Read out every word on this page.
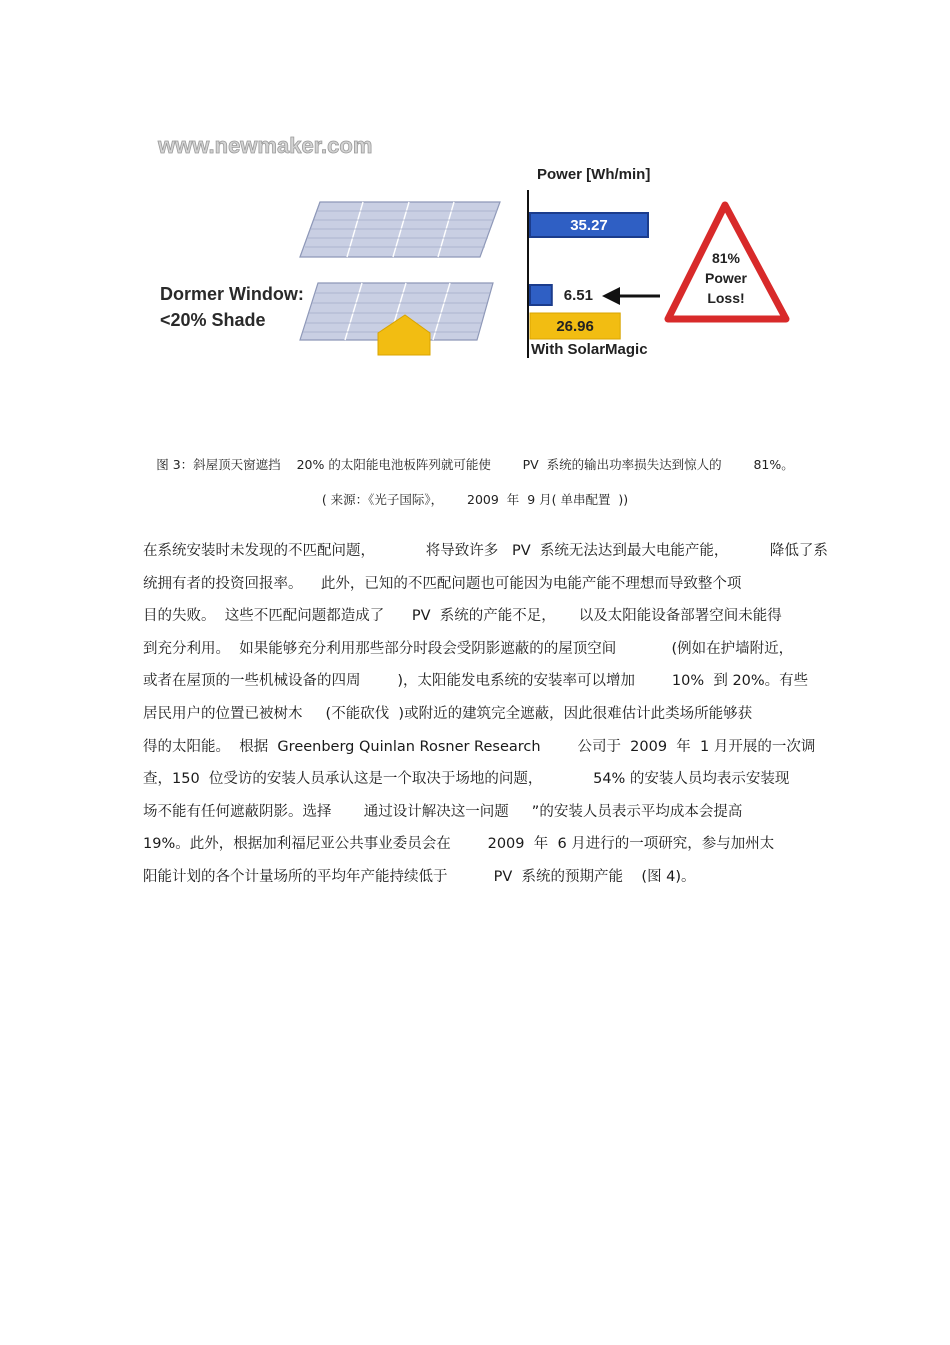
www.newmaker.com
Dormer Window:
<20% Shade
Power [Wh/min]
35.27
6.51
26.96
With SolarMagic
81%
Power
Loss!
图 3：斜屋顶天窗遮挡    20% 的太阳能电池板阵列就可能使        PV  系统的输出功率损失达到惊人的        81%。
( 来源：《光子国际》，      2009  年  9 月( 单串配置  ))
在系统安装时未发现的不匹配问题，           将导致许多   PV  系统无法达到最大电能产能，         降低了系
统拥有者的投资回报率。    此外，已知的不匹配问题也可能因为电能产能不理想而导致整个项
目的失败。  这些不匹配问题都造成了      PV  系统的产能不足，     以及太阳能设备部署空间未能得
到充分利用。  如果能够充分利用那些部分时段会受阴影遮蔽的的屋顶空间            (例如在护墙附近，
或者在屋顶的一些机械设备的四周        )，太阳能发电系统的安装率可以增加        10%  到 20%。有些
居民用户的位置已被树木     (不能砍伐  )或附近的建筑完全遮蔽，因此很难估计此类场所能够获
得的太阳能。  根据  Greenberg Quinlan Rosner Research        公司于  2009  年  1 月开展的一次调
查，150  位受访的安装人员承认这是一个取决于场地的问题，           54% 的安装人员均表示安装现
场不能有任何遮蔽阴影。选择       通过设计解决这一问题     ”的安装人员表示平均成本会提高
19%。此外，根据加利福尼亚公共事业委员会在        2009  年  6 月进行的一项研究，参与加州太
阳能计划的各个计量场所的平均年产能持续低于          PV  系统的预期产能    (图 4)。
